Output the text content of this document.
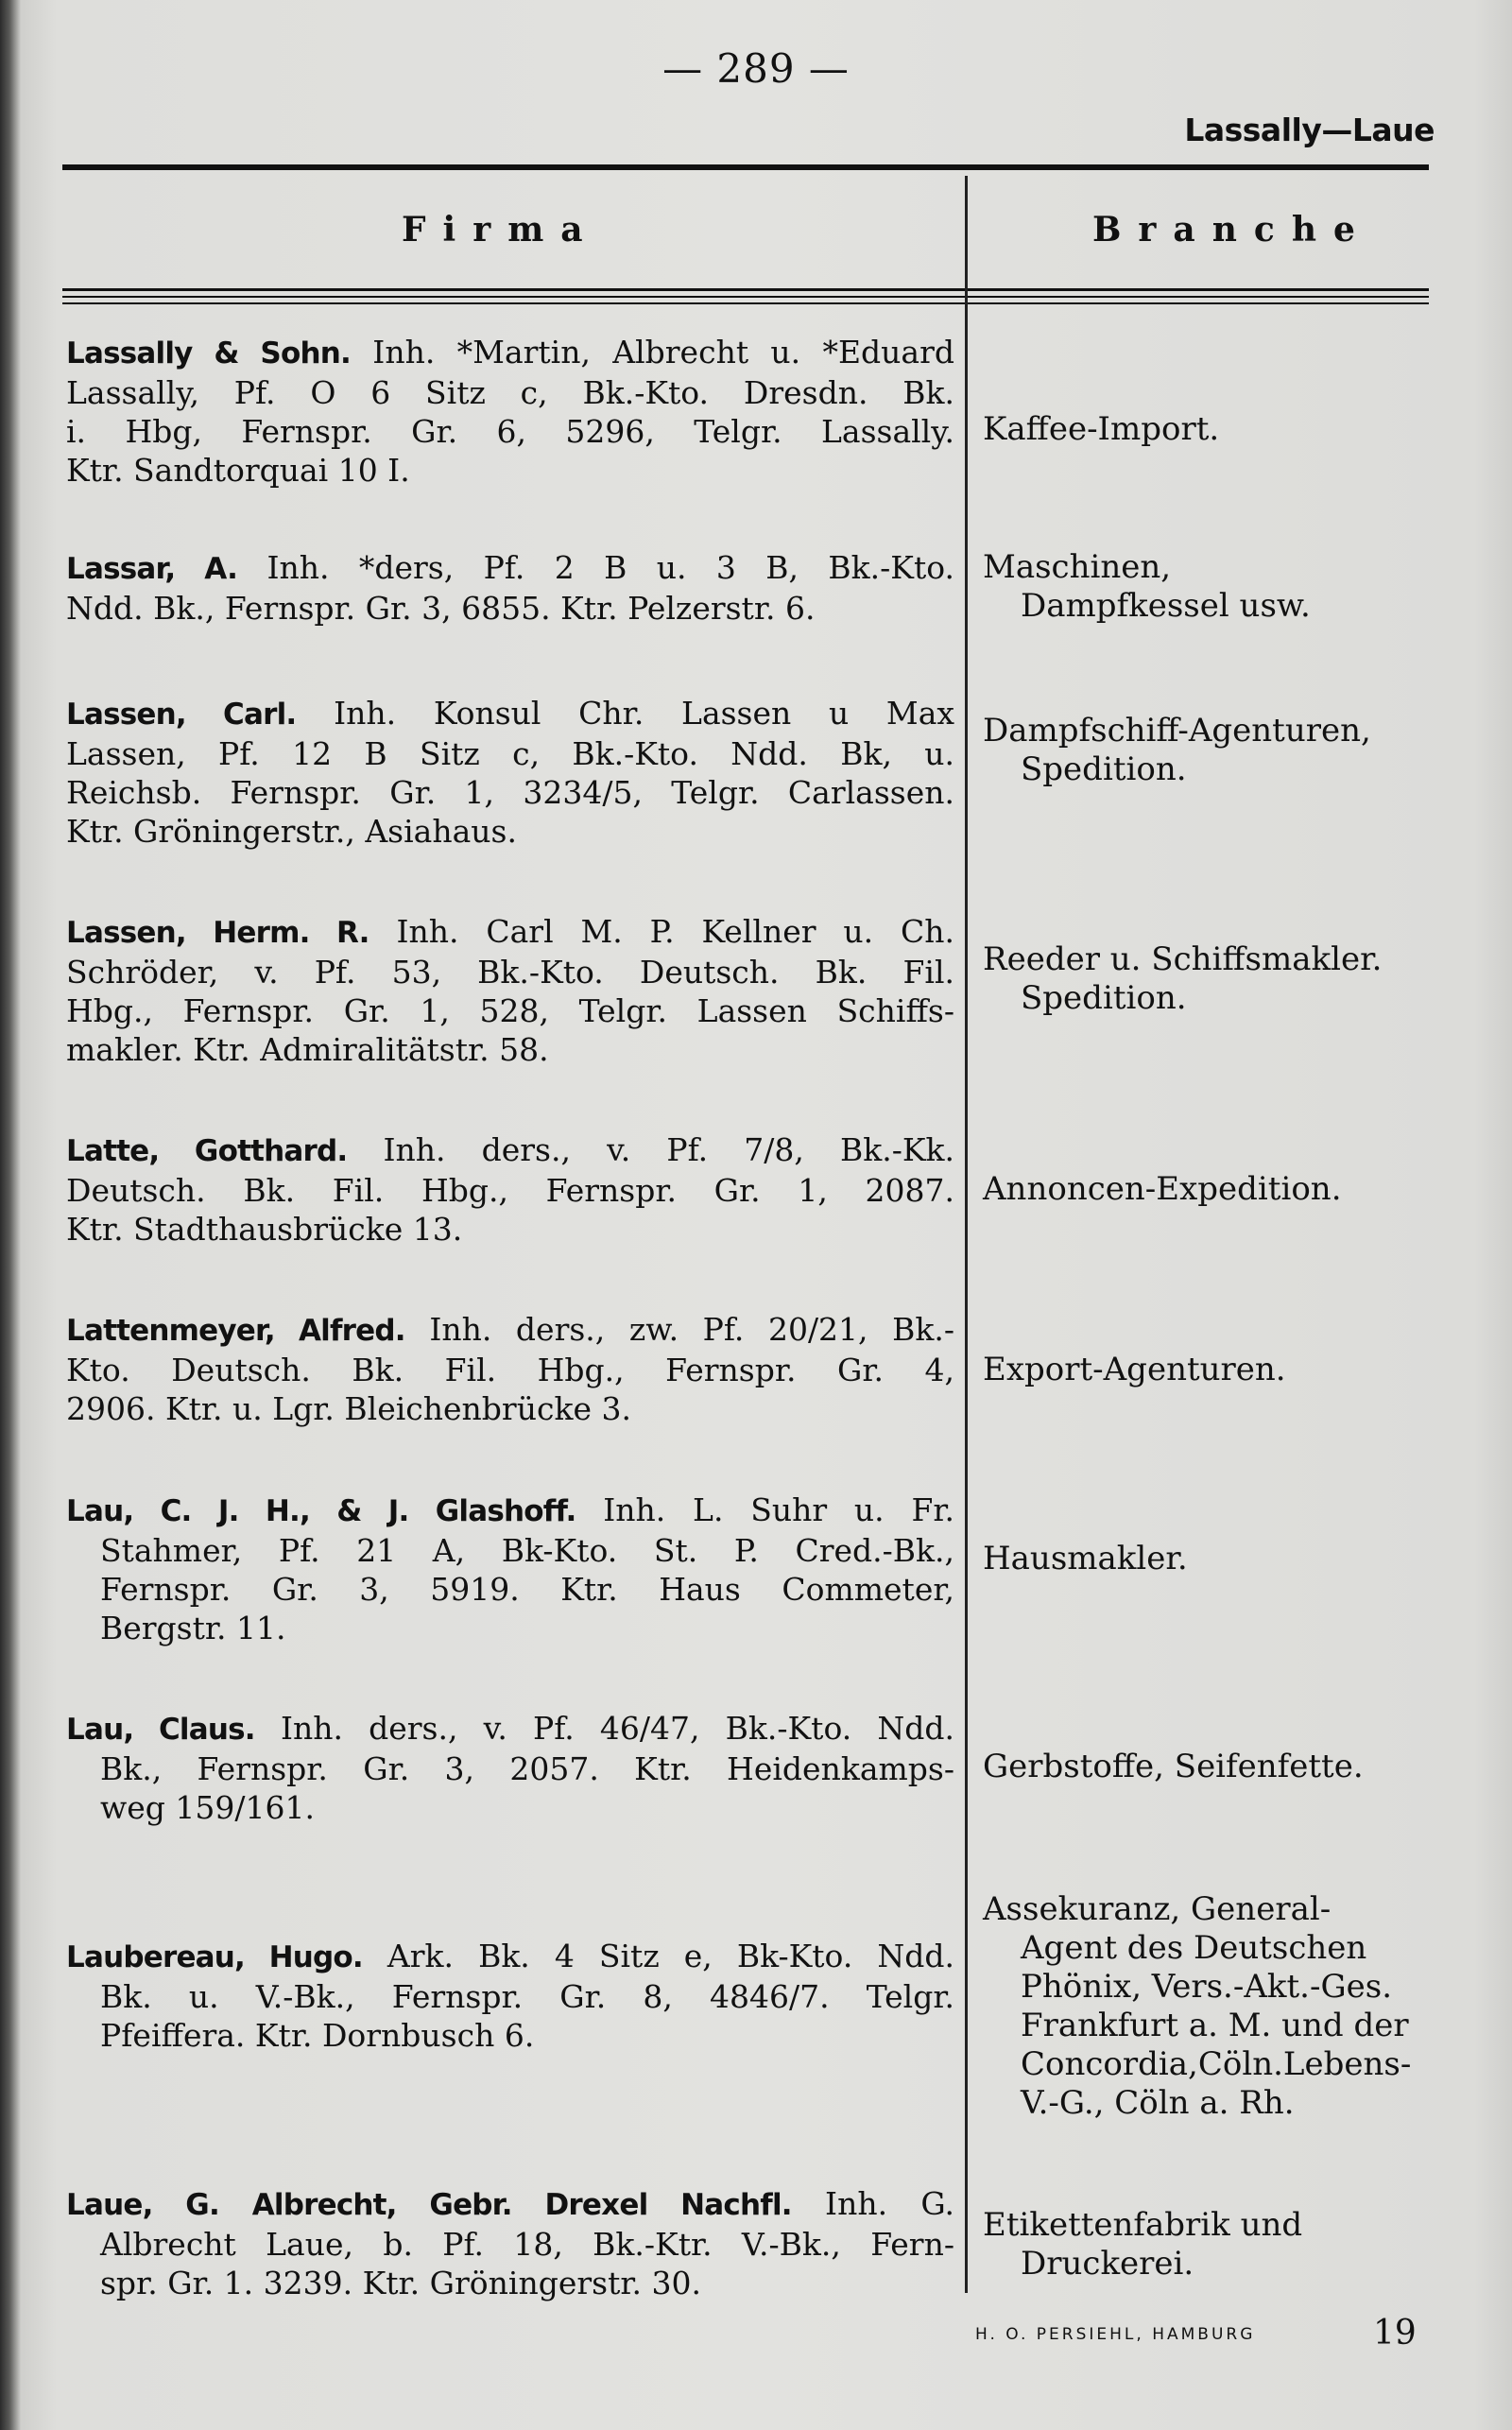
— 289 —
Lassally—Laue
Firma	Branche
Lassally & Sohn. Inh. *Martin, Albrecht u. *Eduard
Lassally, Pf. O 6 Sitz c, Bk.-Kto. Dresdn. Bk.
i. Hbg, Fernspr. Gr. 6, 5296, Telgr. Lassally.
Ktr. Sandtorquai 10 I.
Kaffee-Import.
Lassar, A. Inh. *ders, Pf. 2 B u. 3 B, Bk.-Kto.
Ndd. Bk., Fernspr. Gr. 3, 6855. Ktr. Pelzerstr. 6.
Maschinen,
Dampfkessel usw.
Lassen, Carl. Inh. Konsul Chr. Lassen u Max
Lassen, Pf. 12 B Sitz c, Bk.-Kto. Ndd. Bk, u.
Reichsb. Fernspr. Gr. 1, 3234/5, Telgr. Carlassen.
Ktr. Gröningerstr., Asiahaus.
Dampfschiff-Agenturen,
Spedition.
Lassen, Herm. R. Inh. Carl M. P. Kellner u. Ch.
Schröder, v. Pf. 53, Bk.-Kto. Deutsch. Bk. Fil.
Hbg., Fernspr. Gr. 1, 528, Telgr. Lassen Schiffs-
makler. Ktr. Admiralitätstr. 58.
Reeder u. Schiffsmakler.
Spedition.
Latte, Gotthard. Inh. ders., v. Pf. 7/8, Bk.-Kk.
Deutsch. Bk. Fil. Hbg., Fernspr. Gr. 1, 2087.
Ktr. Stadthausbrücke 13.
Annoncen-Expedition.
Lattenmeyer, Alfred. Inh. ders., zw. Pf. 20/21, Bk.-
Kto. Deutsch. Bk. Fil. Hbg., Fernspr. Gr. 4,
2906. Ktr. u. Lgr. Bleichenbrücke 3.
Export-Agenturen.
Lau, C. J. H., & J. Glashoff. Inh. L. Suhr u. Fr.
Stahmer, Pf. 21 A, Bk-Kto. St. P. Cred.-Bk.,
Fernspr. Gr. 3, 5919. Ktr. Haus Commeter,
Bergstr. 11.
Hausmakler.
Lau, Claus. Inh. ders., v. Pf. 46/47, Bk.-Kto. Ndd.
Bk., Fernspr. Gr. 3, 2057. Ktr. Heidenkamps-
weg 159/161.
Gerbstoffe, Seifenfette.
Laubereau, Hugo. Ark. Bk. 4 Sitz e, Bk-Kto. Ndd.
Bk. u. V.-Bk., Fernspr. Gr. 8, 4846/7. Telgr.
Pfeiffera. Ktr. Dornbusch 6.
Assekuranz, General-
Agent des Deutschen
Phönix, Vers.-Akt.-Ges.
Frankfurt a. M. und der
Concordia,Cöln.Lebens-
V.-G., Cöln a. Rh.
Laue, G. Albrecht, Gebr. Drexel Nachfl. Inh. G.
Albrecht Laue, b. Pf. 18, Bk.-Ktr. V.-Bk., Fern-
spr. Gr. 1. 3239. Ktr. Gröningerstr. 30.
Etikettenfabrik und
Druckerei.
H. O. PERSIEHL, HAMBURG	19
